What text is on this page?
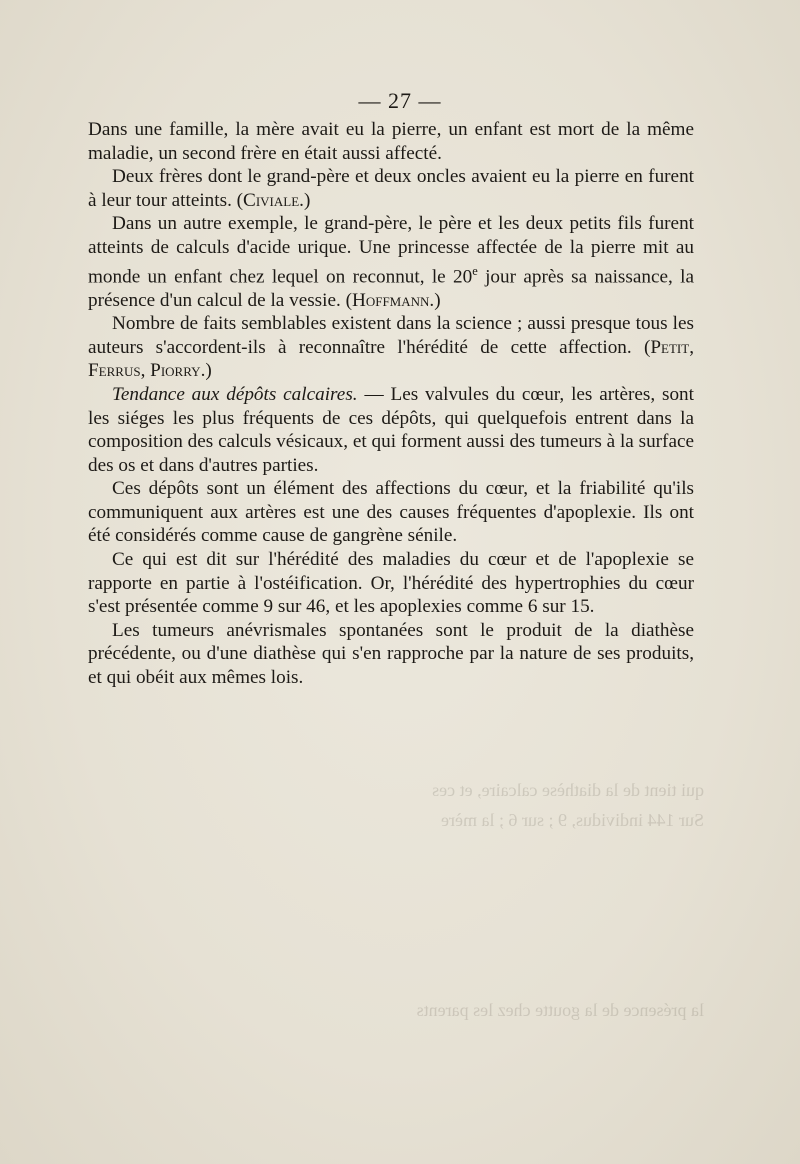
qui tient de la diathèse calcaire, et ces
Sur 144 individus, 9 ; sur 6 ; la mère
la présence de la goutte chez les parents
— 27 —

Dans une famille, la mère avait eu la pierre, un enfant est mort de la même maladie, un second frère en était aussi affecté.

Deux frères dont le grand-père et deux oncles avaient eu la pierre en furent à leur tour atteints. (Civiale.)

Dans un autre exemple, le grand-père, le père et les deux petits fils furent atteints de calculs d'acide urique. Une princesse affectée de la pierre mit au monde un enfant chez lequel on reconnut, le 20e jour après sa naissance, la présence d'un calcul de la vessie. (Hoffmann.)

Nombre de faits semblables existent dans la science ; aussi presque tous les auteurs s'accordent-ils à reconnaître l'hérédité de cette affection. (Petit, Ferrus, Piorry.)

Tendance aux dépôts calcaires. — Les valvules du cœur, les artères, sont les siéges les plus fréquents de ces dépôts, qui quelquefois entrent dans la composition des calculs vésicaux, et qui forment aussi des tumeurs à la surface des os et dans d'autres parties.

Ces dépôts sont un élément des affections du cœur, et la friabilité qu'ils communiquent aux artères est une des causes fréquentes d'apoplexie. Ils ont été considérés comme cause de gangrène sénile.

Ce qui est dit sur l'hérédité des maladies du cœur et de l'apoplexie se rapporte en partie à l'ostéification. Or, l'hérédité des hypertrophies du cœur s'est présentée comme 9 sur 46, et les apoplexies comme 6 sur 15.

Les tumeurs anévrismales spontanées sont le produit de la diathèse précédente, ou d'une diathèse qui s'en rapproche par la nature de ses produits, et qui obéit aux mêmes lois.
